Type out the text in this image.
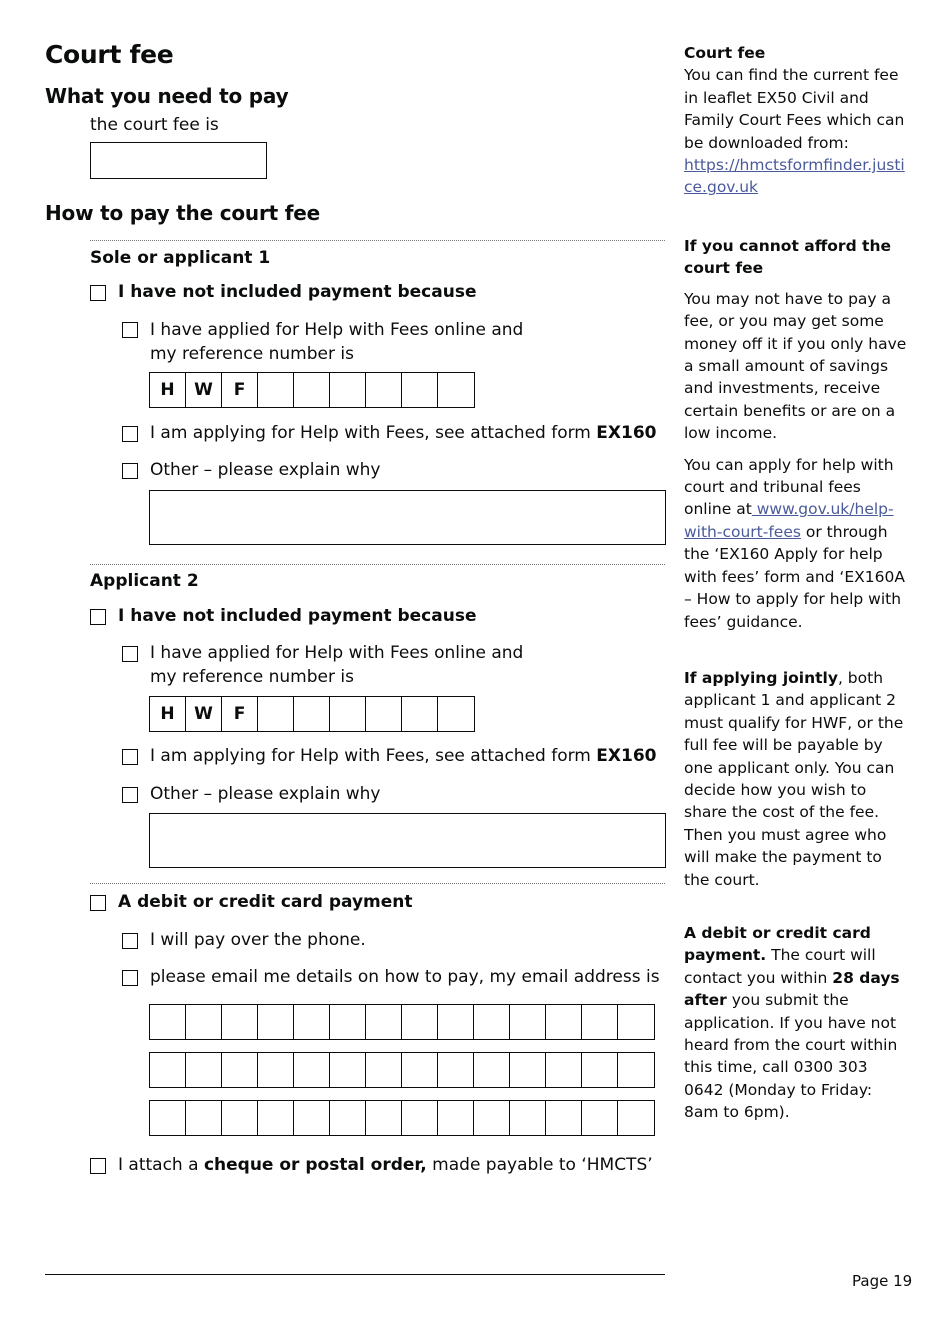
Court fee
What you need to pay
the court fee is
How to pay the court fee
Sole or applicant 1
I have not included payment because
I have applied for Help with Fees online and
my reference number is
H	W	F
I am applying for Help with Fees, see attached form EX160
Other – please explain why
Applicant 2
I have not included payment because
I have applied for Help with Fees online and
my reference number is
H	W	F
I am applying for Help with Fees, see attached form EX160
Other – please explain why
A debit or credit card payment
I will pay over the phone.
please email me details on how to pay, my email address is
I attach a cheque or postal order, made payable to ‘HMCTS’
Page 19

Court fee

You can find the current fee in leaflet EX50 Civil and Family Court Fees which can be downloaded from:

https://hmctsformfinder.justice.gov.uk

If you cannot afford the court fee

You may not have to pay a fee, or you may get some money off it if you only have a small amount of savings and investments, receive certain benefits or are on a low income.

You can apply for help with court and tribunal fees online at www.gov.uk/help-with-court-fees or through the ‘EX160 Apply for help with fees’ form and ‘EX160A – How to apply for help with fees’ guidance.

If applying jointly, both applicant 1 and applicant 2 must qualify for HWF, or the full fee will be payable by one applicant only. You can decide how you wish to share the cost of the fee. Then you must agree who will make the payment to the court.

A debit or credit card payment. The court will contact you within 28 days after you submit the application. If you have not heard from the court within this time, call 0300 303 0642 (Monday to Friday: 8am to 6pm).
